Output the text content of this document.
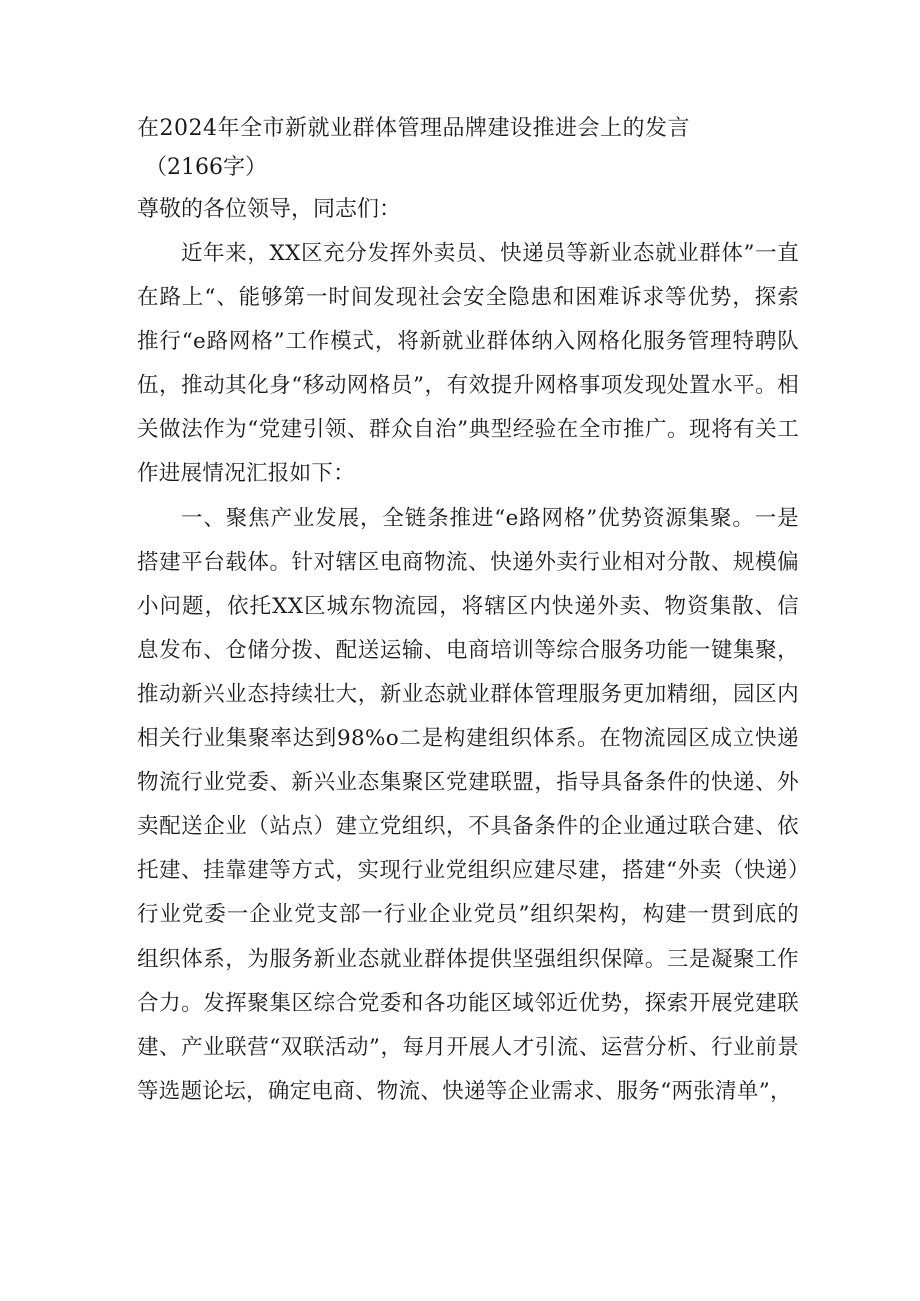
在2024年全市新就业群体管理品牌建设推进会上的发言

（2166字）

尊敬的各位领导，同志们：

近年来，XX区充分发挥外卖员、快递员等新业态就业群体”一直在路上“、能够第一时间发现社会安全隐患和困难诉求等优势，探索推行“e路网格”工作模式，将新就业群体纳入网格化服务管理特聘队伍，推动其化身“移动网格员”，有效提升网格事项发现处置水平。相关做法作为“党建引领、群众自治”典型经验在全市推广。现将有关工作进展情况汇报如下：

一、聚焦产业发展，全链条推进“e路网格”优势资源集聚。一是搭建平台载体。针对辖区电商物流、快递外卖行业相对分散、规模偏小问题，依托XX区城东物流园，将辖区内快递外卖、物资集散、信息发布、仓储分拨、配送运输、电商培训等综合服务功能一键集聚，推动新兴业态持续壮大，新业态就业群体管理服务更加精细，园区内相关行业集聚率达到98%o二是构建组织体系。在物流园区成立快递物流行业党委、新兴业态集聚区党建联盟，指导具备条件的快递、外卖配送企业（站点）建立党组织，不具备条件的企业通过联合建、依托建、挂靠建等方式，实现行业党组织应建尽建，搭建“外卖（快递）行业党委一企业党支部一行业企业党员”组织架构，构建一贯到底的组织体系，为服务新业态就业群体提供坚强组织保障。三是凝聚工作合力。发挥聚集区综合党委和各功能区域邻近优势，探索开展党建联建、产业联营“双联活动”，每月开展人才引流、运营分析、行业前景等选题论坛，确定电商、物流、快递等企业需求、服务“两张清单”，
